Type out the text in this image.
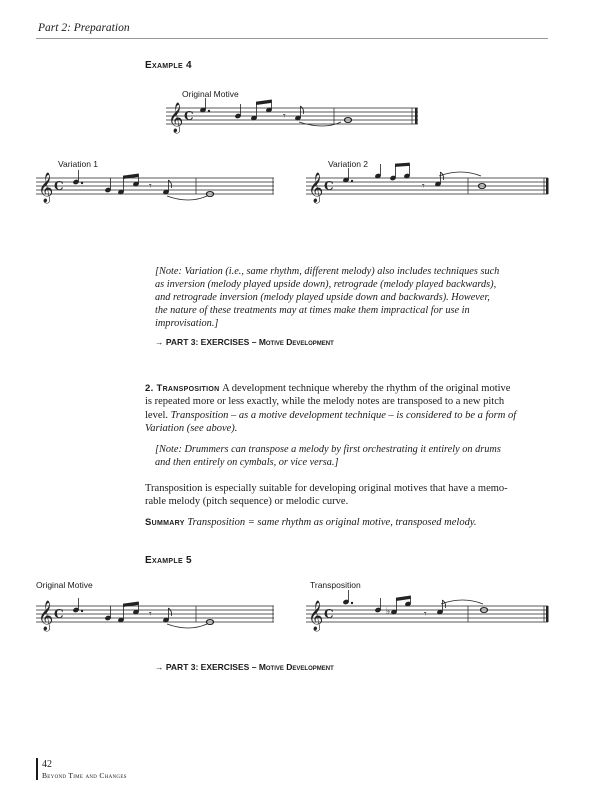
Part 2: Preparation
Example 4
Original Motive
𝄞 C	𝄾
Variation 1
𝄞 C	𝄾
Variation 2
𝄞 C	𝄾
[Note: Variation (i.e., same rhythm, different melody) also includes techniques such
as inversion (melody played upside down), retrograde (melody played backwards),
and retrograde inversion (melody played upside down and backwards). However,
the nature of these treatments may at times make them impractical for use in
improvisation.]
→ PART 3: EXERCISES – Motive Development
2. Transposition A development technique whereby the rhythm of the original motive
is repeated more or less exactly, while the melody notes are transposed to a new pitch
level. Transposition – as a motive development technique – is considered to be a form of
Variation (see above).
[Note: Drummers can transpose a melody by first orchestrating it entirely on drums
and then entirely on cymbals, or vice versa.]
Transposition is especially suitable for developing original motives that have a memo-
rable melody (pitch sequence) or melodic curve.
Summary Transposition = same rhythm as original motive, transposed melody.
Example 5
Original Motive	Transposition
𝄞 C	𝄾	𝄞 C	♭	𝄾
→ PART 3: EXERCISES – Motive Development
42
Beyond Time and Changes
